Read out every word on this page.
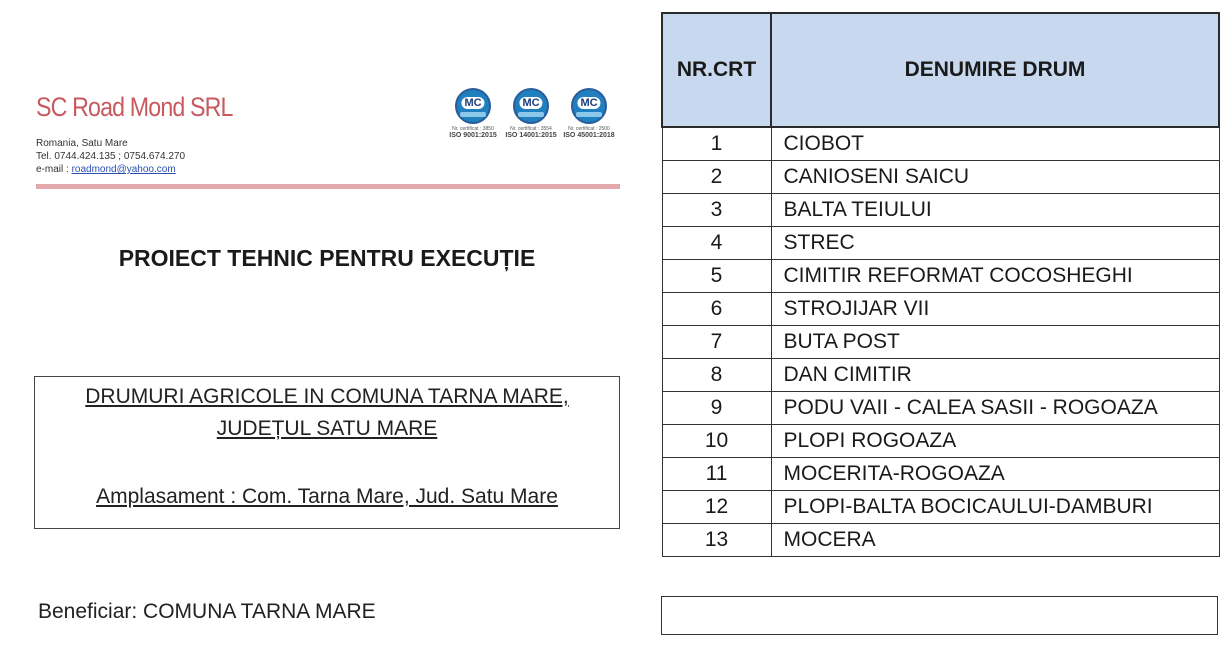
SC Road Mond SRL
Romania, Satu Mare
Tel. 0744.424.135 ; 0754.674.270
e-mail : roadmond@yahoo.com
MC
Nr. certificat : 3850
ISO 9001:2015
MC
Nr. certificat : 3554
ISO 14001:2015
MC
Nr. certificat : 2500
ISO 45001:2018
PROIECT TEHNIC PENTRU EXECUȚIE
DRUMURI AGRICOLE IN COMUNA TARNA MARE,
JUDEȚUL SATU MARE
Amplasament : Com. Tarna Mare, Jud. Satu Mare
Beneficiar: COMUNA TARNA MARE
NR.CRT	DENUMIRE DRUM
1	CIOBOT
2	CANIOSENI SAICU
3	BALTA TEIULUI
4	STREC
5	CIMITIR REFORMAT COCOSHEGHI
6	STROJIJAR VII
7	BUTA POST
8	DAN CIMITIR
9	PODU VAII - CALEA SASII - ROGOAZA
10	PLOPI ROGOAZA
11	MOCERITA-ROGOAZA
12	PLOPI-BALTA BOCICAULUI-DAMBURI
13	MOCERA
